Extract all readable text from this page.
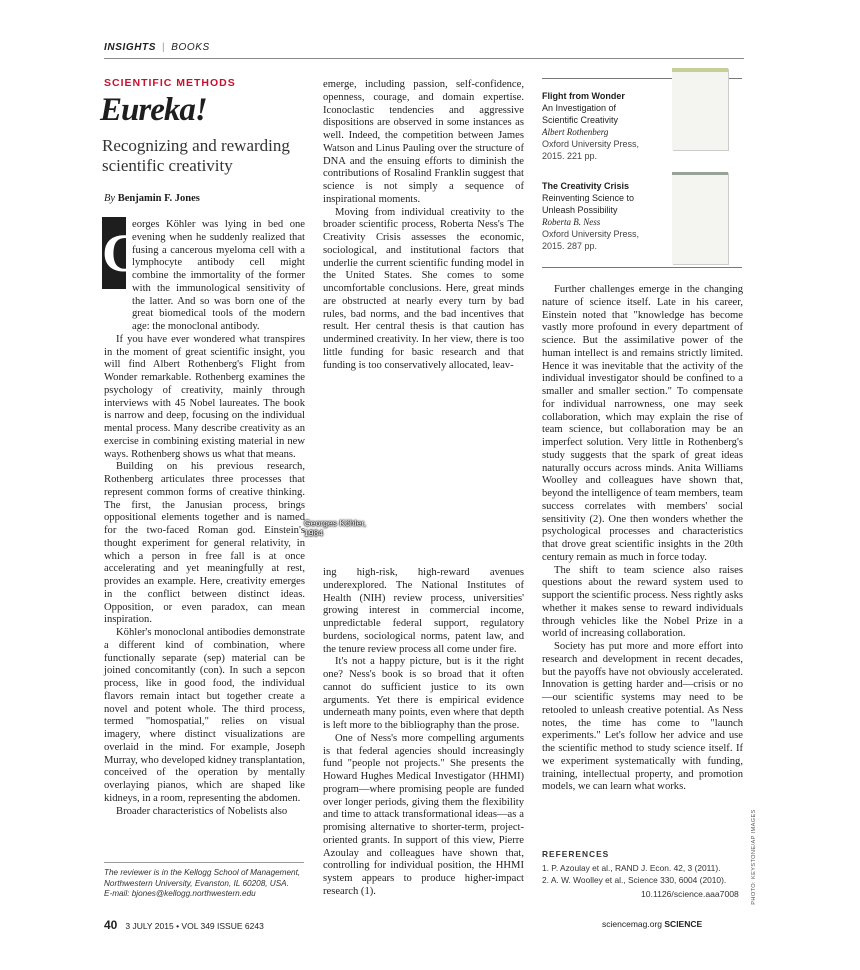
INSIGHTS | BOOKS
SCIENTIFIC METHODS
Eureka!
Recognizing and rewarding scientific creativity
By Benjamin F. Jones
G

eorges Köhler was lying in bed one evening when he suddenly realized that fusing a cancerous myeloma cell with a lymphocyte antibody cell might combine the immortality of the former with the immunological sensitivity of the latter. And so was born one of the great biomedical tools of the modern age: the monoclonal antibody.

If you have ever wondered what transpires in the moment of great scientific insight, you will find Albert Rothenberg's Flight from Wonder remarkable. Rothenberg examines the psychology of creativity, mainly through interviews with 45 Nobel laureates. The book is narrow and deep, focusing on the individual mental process. Many describe creativity as an exercise in combining existing material in new ways. Rothenberg shows us what that means.

Building on his previous research, Rothenberg articulates three processes that represent common forms of creative thinking. The first, the Janusian process, brings oppositional elements together and is named for the two-faced Roman god. Einstein's thought experiment for general relativity, in which a person in free fall is at once accelerating and yet meaningfully at rest, provides an example. Here, creativity emerges in the conflict between distinct ideas. Opposition, or even paradox, can mean inspiration.

Köhler's monoclonal antibodies demonstrate a different kind of combination, where functionally separate (sep) material can be joined concomitantly (con). In such a sepcon process, like in good food, the individual flavors remain intact but together create a novel and potent whole. The third process, termed "homospatial," relies on visual imagery, where distinct visualizations are overlaid in the mind. For example, Joseph Murray, who developed kidney transplantation, conceived of the operation by mentally overlaying pianos, which are shaped like kidneys, in a room, representing the abdomen.

Broader characteristics of Nobelists also

emerge, including passion, self-confidence, openness, courage, and domain expertise. Iconoclastic tendencies and aggressive dispositions are observed in some instances as well. Indeed, the competition between James Watson and Linus Pauling over the structure of DNA and the ensuing efforts to diminish the contributions of Rosalind Franklin suggest that science is not simply a sequence of inspirational moments.

Moving from individual creativity to the broader scientific process, Roberta Ness's The Creativity Crisis assesses the economic, sociological, and institutional factors that underlie the current scientific funding model in the United States. She comes to some uncomfortable conclusions. Here, great minds are obstructed at nearly every turn by bad rules, bad norms, and the bad incentives that result. Her central thesis is that caution has undermined creativity. In her view, there is too little funding for basic research and that funding is too conservatively allocated, leav-

Georges Köhler, 1984

ing high-risk, high-reward avenues underexplored. The National Institutes of Health (NIH) review process, universities' growing interest in commercial income, unpredictable federal support, regulatory burdens, sociological norms, patent law, and the tenure review process all come under fire.

It's not a happy picture, but is it the right one? Ness's book is so broad that it often cannot do sufficient justice to its own arguments. Yet there is empirical evidence underneath many points, even where that depth is left more to the bibliography than the prose.

One of Ness's more compelling arguments is that federal agencies should increasingly fund "people not projects." She presents the Howard Hughes Medical Investigator (HHMI) program—where promising people are funded over longer periods, giving them the flexibility and time to attack transformational ideas—as a promising alternative to shorter-term, project-oriented grants. In support of this view, Pierre Azoulay and colleagues have shown that, controlling for individual position, the HHMI system appears to produce higher-impact research (1).

Flight from Wonder
An Investigation of
Scientific Creativity
Albert Rothenberg
Oxford University Press,
2015. 221 pp.
The Creativity Crisis
Reinventing Science to
Unleash Possibility
Roberta B. Ness
Oxford University Press,
2015. 287 pp.

Further challenges emerge in the changing nature of science itself. Late in his career, Einstein noted that "knowledge has become vastly more profound in every department of science. But the assimilative power of the human intellect is and remains strictly limited. Hence it was inevitable that the activity of the individual investigator should be confined to a smaller and smaller section." To compensate for individual narrowness, one may seek collaboration, which may explain the rise of team science, but collaboration may be an imperfect solution. Very little in Rothenberg's study suggests that the spark of great ideas naturally occurs across minds. Anita Williams Woolley and colleagues have shown that, beyond the intelligence of team members, team success correlates with members' social sensitivity (2). One then wonders whether the psychological processes and characteristics that drove great scientific insights in the 20th century remain as much in force today.

The shift to team science also raises questions about the reward system used to support the scientific process. Ness rightly asks whether it makes sense to reward individuals through vehicles like the Nobel Prize in a world of increasing collaboration.

Society has put more and more effort into research and development in recent decades, but the payoffs have not obviously accelerated. Innovation is getting harder and—crisis or no—our scientific systems may need to be retooled to unleash creative potential. As Ness notes, the time has come to "launch experiments." Let's follow her advice and use the scientific method to study science itself. If we experiment systematically with funding, training, intellectual property, and promotion models, we can learn what works.

REFERENCES
1. P. Azoulay et al., RAND J. Econ. 42, 3 (2011).
2. A. W. Woolley et al., Science 330, 6004 (2010).
10.1126/science.aaa7008 PHOTO: KEYSTONE/AP IMAGES
The reviewer is in the Kellogg School of Management,
Northwestern University, Evanston, IL 60208, USA.
E-mail: bjones@kellogg.northwestern.edu
40 3 JULY 2015 • VOL 349 ISSUE 6243	sciencemag.org SCIENCE
